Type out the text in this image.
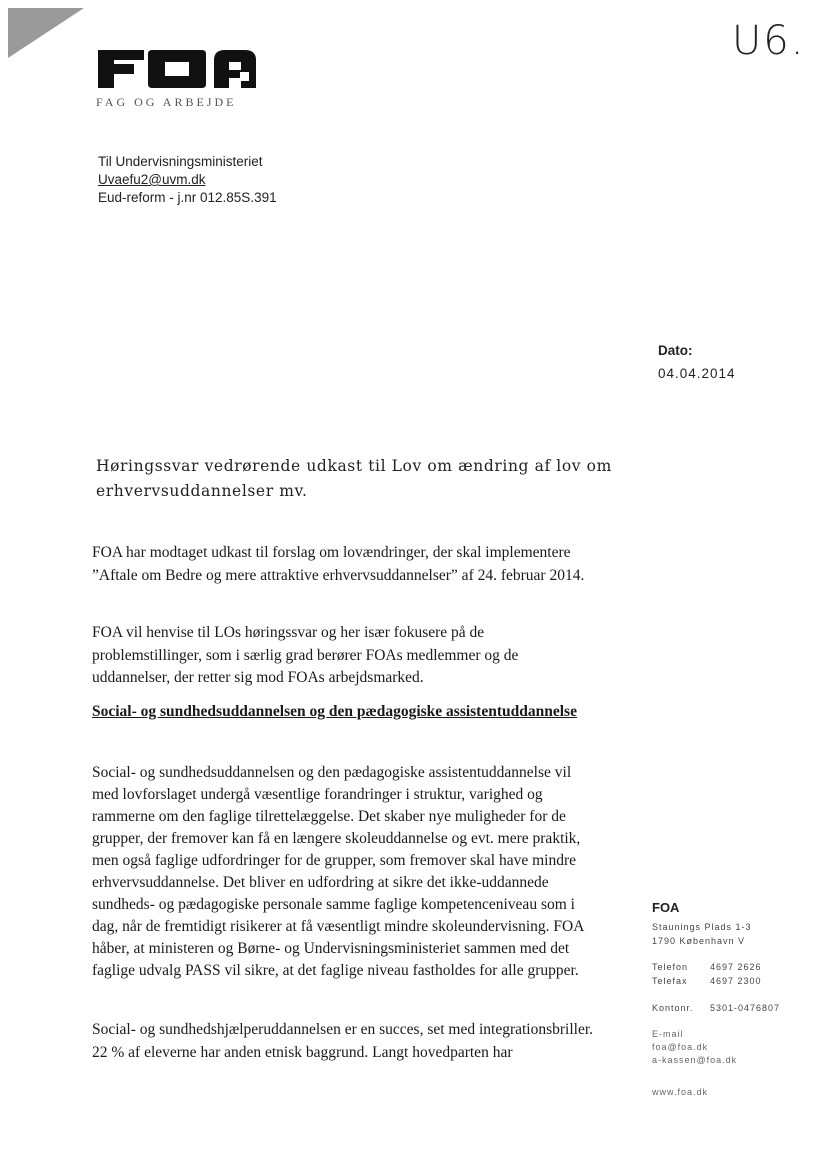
FAG OG ARBEJDE
U6.
Til Undervisningsministeriet
Uvaefu2@uvm.dk
Eud-reform - j.nr 012.85S.391
Dato:
04.04.2014
Høringssvar vedrørende udkast til Lov om ændring af lov om erhvervsuddannelser mv.

FOA har modtaget udkast til forslag om lovændringer, der skal implementere ”Aftale om Bedre og mere attraktive erhvervsuddannelser” af 24. februar 2014.

FOA vil henvise til LOs høringssvar og her især fokusere på de problemstillinger, som i særlig grad berører FOAs medlemmer og de uddannelser, der retter sig mod FOAs arbejdsmarked.

Social- og sundhedsuddannelsen og den pædagogiske assistentuddannelse

Social- og sundhedsuddannelsen og den pædagogiske assistentuddannelse vil med lovforslaget undergå væsentlige forandringer i struktur, varighed og rammerne om den faglige tilrettelæggelse. Det skaber nye muligheder for de grupper, der fremover kan få en længere skoleuddannelse og evt. mere praktik, men også faglige udfordringer for de grupper, som fremover skal have mindre erhvervsuddannelse. Det bliver en udfordring at sikre det ikke-uddannede sundheds- og pædagogiske personale samme faglige kompetenceniveau som i dag, når de fremtidigt risikerer at få væsentligt mindre skoleundervisning. FOA håber, at ministeren og Børne- og Undervisningsministeriet sammen med det faglige udvalg PASS vil sikre, at det faglige niveau fastholdes for alle grupper.

Social- og sundhedshjælperuddannelsen er en succes, set med integrationsbriller. 22 % af eleverne har anden etnisk baggrund. Langt hovedparten har

FOA
Staunings Plads 1-3
1790 København V
Telefon 4697 2626
Telefax 4697 2300
Kontonr. 5301-0476807
E-mail
foa@foa.dk
a-kassen@foa.dk
www.foa.dk
